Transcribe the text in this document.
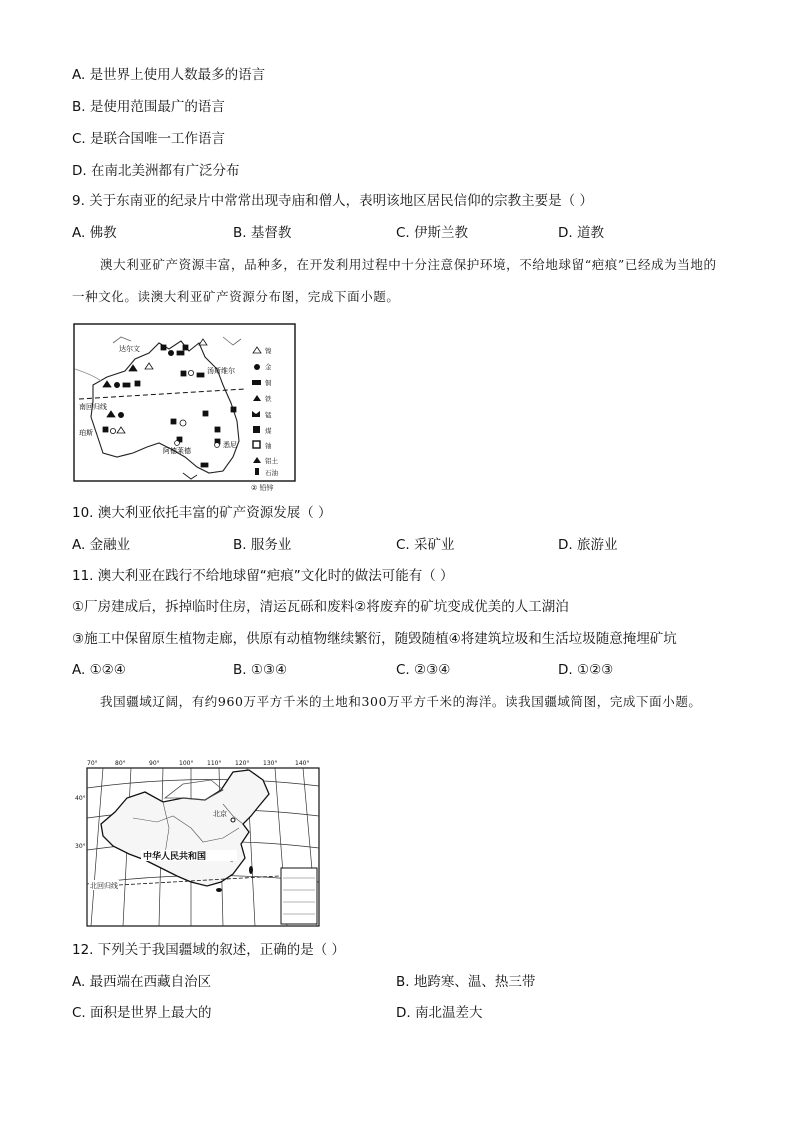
A. 是世界上使用人数最多的语言
B. 是使用范围最广的语言
C. 是联合国唯一工作语言
D. 在南北美洲都有广泛分布
9. 关于东南亚的纪录片中常常出现寺庙和僧人，表明该地区居民信仰的宗教主要是（ ）
A. 佛教	B. 基督教	C. 伊斯兰教	D. 道教
澳大利亚矿产资源丰富，品种多，在开发利用过程中十分注意保护环境，不给地球留“疤痕”已经成为当地的一种文化。读澳大利亚矿产资源分布图，完成下面小题。
达尔文
汤斯维尔
南回归线
珀斯
阿德莱德
悉尼
镍
金
铜
铁
锰
煤
铀
铝土
石油
② 铅锌
10. 澳大利亚依托丰富的矿产资源发展（ ）
A. 金融业	B. 服务业	C. 采矿业	D. 旅游业
11. 澳大利亚在践行不给地球留“疤痕”文化时的做法可能有（ ）
①厂房建成后，拆掉临时住房，清运瓦砾和废料②将废弃的矿坑变成优美的人工湖泊
③施工中保留原生植物走廊，供原有动植物继续繁衍，随毁随植④将建筑垃圾和生活垃圾随意掩埋矿坑
A. ①②④	B. ①③④	C. ②③④	D. ①②③
我国疆域辽阔，有约960万平方千米的土地和300万平方千米的海洋。读我国疆域简图，完成下面小题。
70°	80°	90°	100° 110° 120° 130°	140°
40°
30°
北京
中华人民共和国
北回归线
12. 下列关于我国疆域的叙述，正确的是（ ）
A. 最西端在西藏自治区	B. 地跨寒、温、热三带
C. 面积是世界上最大的	D. 南北温差大
